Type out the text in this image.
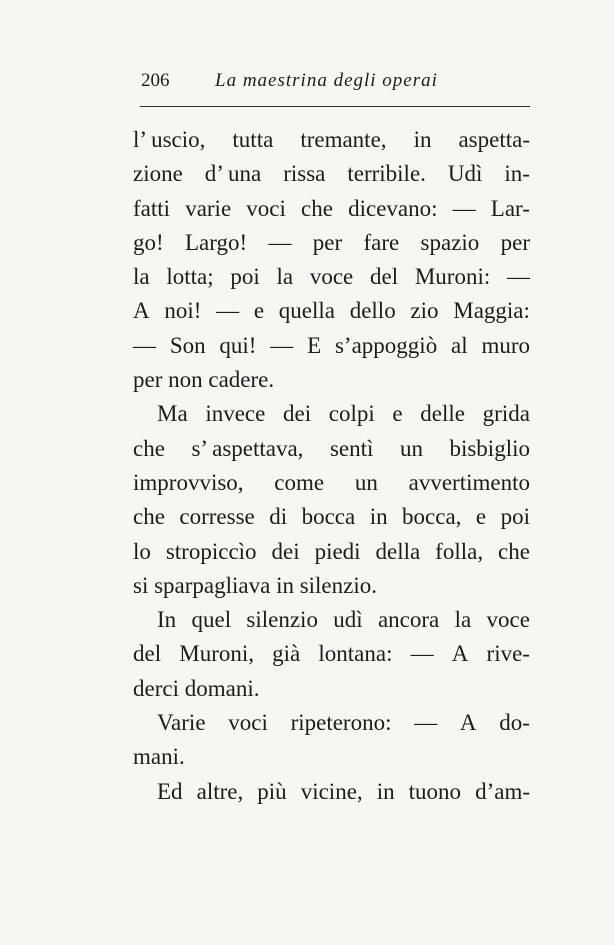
206 La maestrina degli operai
l’ uscio, tutta tremante, in aspetta-
zione d’ una rissa terribile. Udì in-
fatti varie voci che dicevano: — Lar-
go! Largo! — per fare spazio per
la lotta; poi la voce del Muroni: —
A noi! — e quella dello zio Maggia:
— Son qui! — E s’appoggiò al muro
per non cadere.
Ma invece dei colpi e delle grida
che s’ aspettava, sentì un bisbiglio
improvviso, come un avvertimento
che corresse di bocca in bocca, e poi
lo stropiccìo dei piedi della folla, che
si sparpagliava in silenzio.
In quel silenzio udì ancora la voce
del Muroni, già lontana: — A rive-
derci domani.
Varie voci ripeterono: — A do-
mani.
Ed altre, più vicine, in tuono d’am-
